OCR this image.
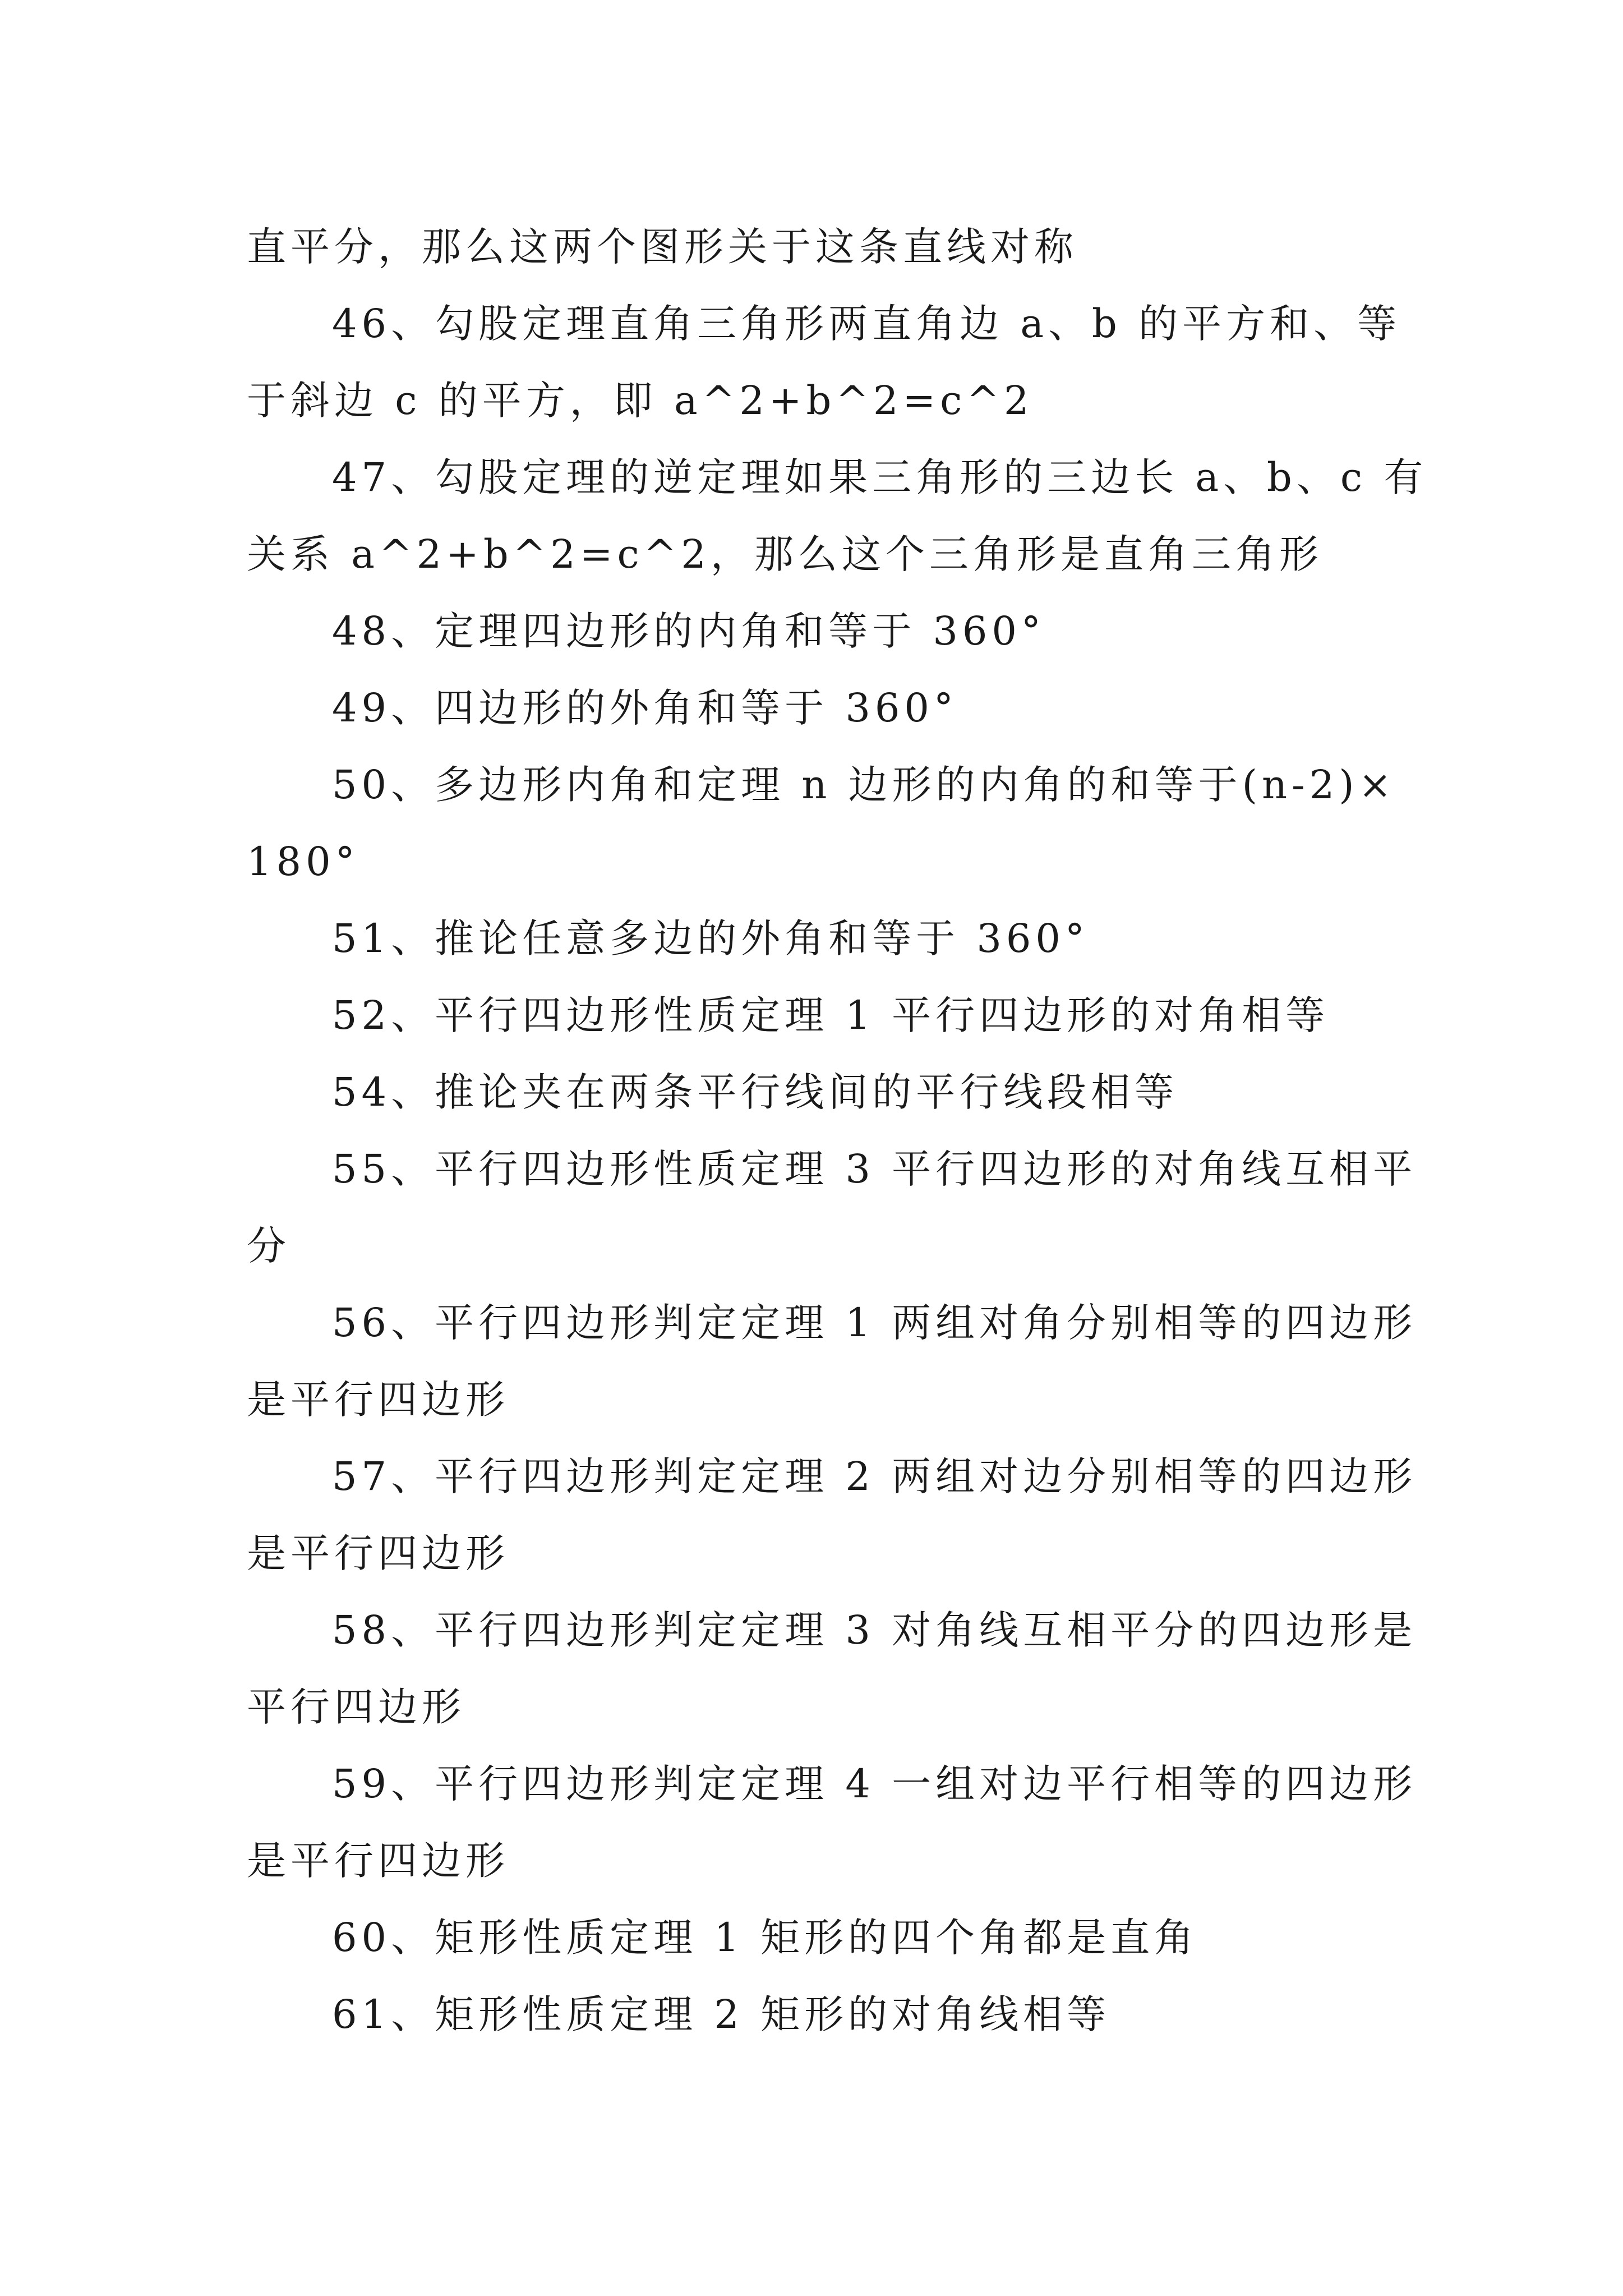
直平分，那么这两个图形关于这条直线对称
46、勾股定理直角三角形两直角边 a、b 的平方和、等
于斜边 c 的平方，即 a^2+b^2=c^2
47、勾股定理的逆定理如果三角形的三边长 a、b、c 有
关系 a^2+b^2=c^2，那么这个三角形是直角三角形
48、定理四边形的内角和等于 360°
49、四边形的外角和等于 360°
50、多边形内角和定理 n 边形的内角的和等于(n-2)×
180°
51、推论任意多边的外角和等于 360°
52、平行四边形性质定理 1 平行四边形的对角相等
54、推论夹在两条平行线间的平行线段相等
55、平行四边形性质定理 3 平行四边形的对角线互相平
分
56、平行四边形判定定理 1 两组对角分别相等的四边形
是平行四边形
57、平行四边形判定定理 2 两组对边分别相等的四边形
是平行四边形
58、平行四边形判定定理 3 对角线互相平分的四边形是
平行四边形
59、平行四边形判定定理 4 一组对边平行相等的四边形
是平行四边形
60、矩形性质定理 1 矩形的四个角都是直角
61、矩形性质定理 2 矩形的对角线相等
